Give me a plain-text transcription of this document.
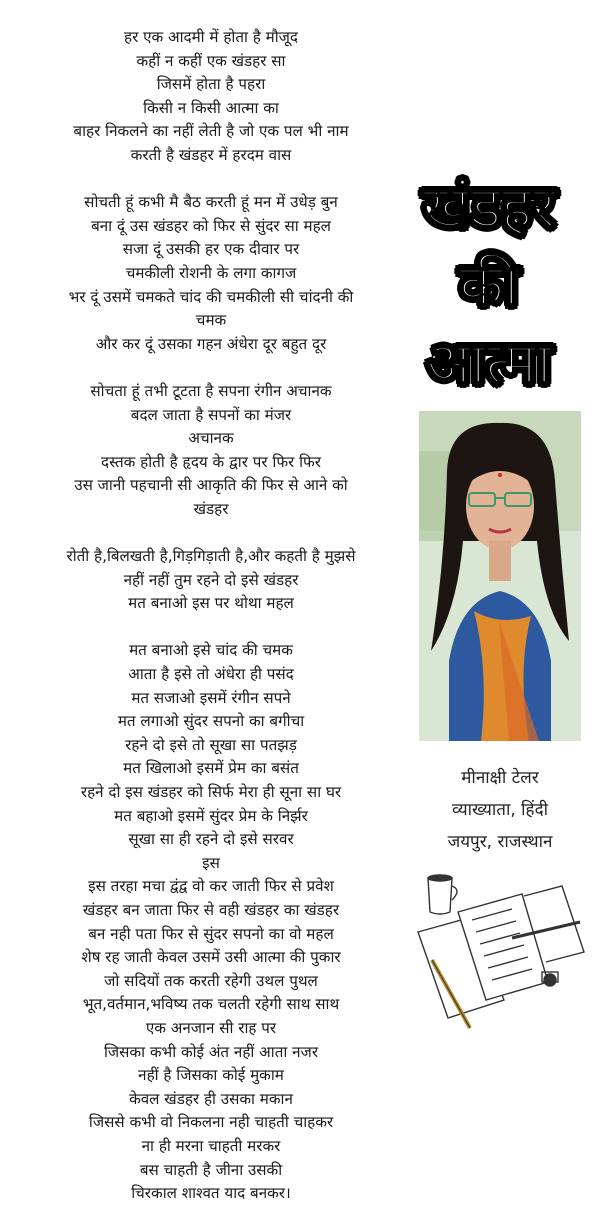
हर एक आदमी में होता है मौजूद
कहीं न कहीं एक खंडहर सा
जिसमें होता है पहरा
किसी न किसी आत्मा का
बाहर निकलने का नहीं लेती है जो एक पल भी नाम
करती है खंडहर में हरदम वास
सोचती हूं कभी मै बैठ करती हूं मन में उधेड़ बुन
बना दूं उस खंडहर को फिर से सुंदर सा महल
सजा दूं उसकी हर एक दीवार पर
चमकीली रोशनी के लगा कागज
भर दूं उसमें चमकते चांद की चमकीली सी चांदनी की
चमक
और कर दूं उसका गहन अंधेरा दूर बहुत दूर
सोचता हूं तभी टूटता है सपना रंगीन अचानक
बदल जाता है सपनों का मंजर
अचानक
दस्तक होती है हृदय के द्वार पर फिर फिर
उस जानी पहचानी सी आकृति की फिर से आने को
खंडहर
रोती है,बिलखती है,गिड़गिड़ाती है,और कहती है मुझसे
नहीं नहीं तुम रहने दो इसे खंडहर
मत बनाओ इस पर थोथा महल
मत बनाओ इसे चांद की चमक
आता है इसे तो अंधेरा ही पसंद
मत सजाओ इसमें रंगीन सपने
मत लगाओ सुंदर सपनो का बगीचा
रहने दो इसे तो सूखा सा पतझड़
मत खिलाओ इसमें प्रेम का बसंत
रहने दो इस खंडहर को सिर्फ मेरा ही सूना सा घर
मत बहाओ इसमें सुंदर प्रेम के निर्झर
सूखा सा ही रहने दो इसे सरवर
इस
इस तरहा मचा द्वंद्व वो कर जाती फिर से प्रवेश
खंडहर बन जाता फिर से वही खंडहर का खंडहर
बन नही पता फिर से सुंदर सपनो का वो महल
शेष रह जाती केवल उसमें उसी आत्मा की पुकार
जो सदियों तक करती रहेगी उथल पुथल
भूत,वर्तमान,भविष्य तक चलती रहेगी साथ साथ
एक अनजान सी राह पर
जिसका कभी कोई अंत नहीं आता नजर
नहीं है जिसका कोई मुकाम
केवल खंडहर ही उसका मकान
जिससे कभी वो निकलना नही चाहती चाहकर
ना ही मरना चाहती मरकर
बस चाहती है जीना उसकी
चिरकाल शाश्वत याद बनकर।
खंडहर
की
आत्मा
मीनाक्षी टेलर
व्याख्याता, हिंदी
जयपुर, राजस्थान
